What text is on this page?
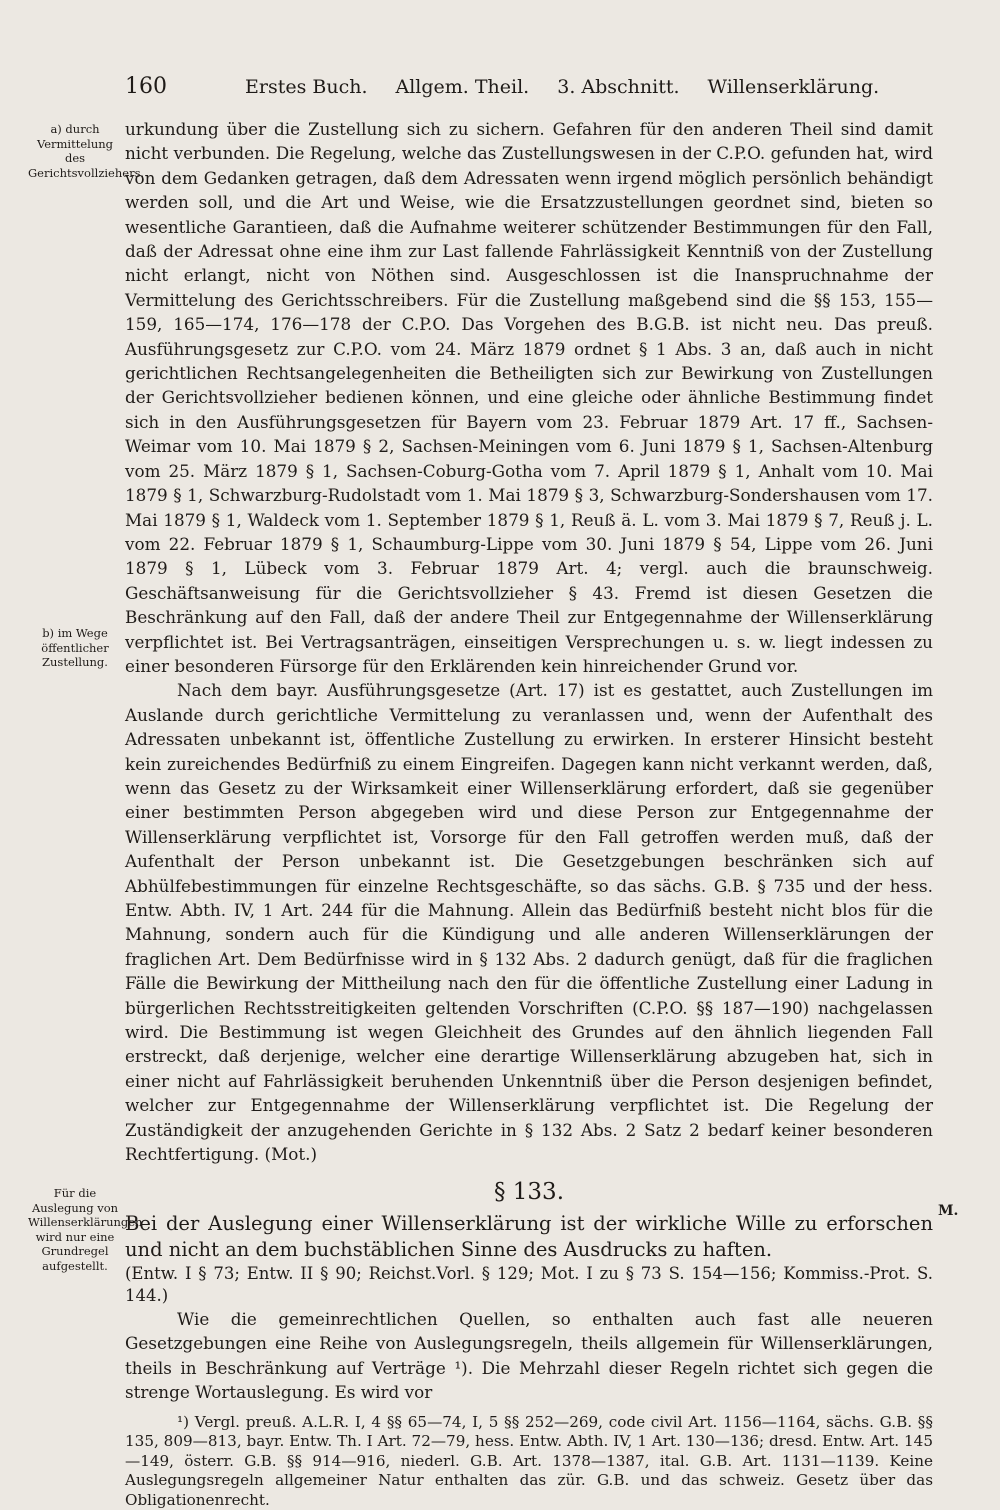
160	Erstes Buch. Allgem. Theil. 3. Abschnitt. Willenserklärung.
a) durch Vermittelung des Gerichtsvollziehers.
b) im Wege öffentlicher Zustellung.
Für die Auslegung von Willenserklärungen wird nur eine Grundregel aufgestellt.
M.

urkundung über die Zustellung sich zu sichern. Gefahren für den anderen Theil sind damit nicht verbunden. Die Regelung, welche das Zustellungswesen in der C.P.O. gefunden hat, wird von dem Gedanken getragen, daß dem Adressaten wenn irgend möglich persönlich behändigt werden soll, und die Art und Weise, wie die Ersatzzustellungen geordnet sind, bieten so wesentliche Garantieen, daß die Aufnahme weiterer schützender Bestimmungen für den Fall, daß der Adressat ohne eine ihm zur Last fallende Fahrlässigkeit Kenntniß von der Zustellung nicht erlangt, nicht von Nöthen sind. Ausgeschlossen ist die Inanspruchnahme der Vermittelung des Gerichtsschreibers. Für die Zustellung maßgebend sind die §§ 153, 155—159, 165—174, 176—178 der C.P.O. Das Vorgehen des B.G.B. ist nicht neu. Das preuß. Ausführungsgesetz zur C.P.O. vom 24. März 1879 ordnet § 1 Abs. 3 an, daß auch in nicht gerichtlichen Rechtsangelegenheiten die Betheiligten sich zur Bewirkung von Zustellungen der Gerichtsvollzieher bedienen können, und eine gleiche oder ähnliche Bestimmung findet sich in den Ausführungsgesetzen für Bayern vom 23. Februar 1879 Art. 17 ff., Sachsen-Weimar vom 10. Mai 1879 § 2, Sachsen-Meiningen vom 6. Juni 1879 § 1, Sachsen-Altenburg vom 25. März 1879 § 1, Sachsen-Coburg-Gotha vom 7. April 1879 § 1, Anhalt vom 10. Mai 1879 § 1, Schwarzburg-Rudolstadt vom 1. Mai 1879 § 3, Schwarzburg-Sondershausen vom 17. Mai 1879 § 1, Waldeck vom 1. September 1879 § 1, Reuß ä. L. vom 3. Mai 1879 § 7, Reuß j. L. vom 22. Februar 1879 § 1, Schaumburg-Lippe vom 30. Juni 1879 § 54, Lippe vom 26. Juni 1879 § 1, Lübeck vom 3. Februar 1879 Art. 4; vergl. auch die braunschweig. Geschäftsanweisung für die Gerichtsvollzieher § 43. Fremd ist diesen Gesetzen die Beschränkung auf den Fall, daß der andere Theil zur Entgegennahme der Willenserklärung verpflichtet ist. Bei Vertragsanträgen, einseitigen Versprechungen u. s. w. liegt indessen zu einer besonderen Fürsorge für den Erklärenden kein hinreichender Grund vor.

Nach dem bayr. Ausführungsgesetze (Art. 17) ist es gestattet, auch Zustellungen im Auslande durch gerichtliche Vermittelung zu veranlassen und, wenn der Aufenthalt des Adressaten unbekannt ist, öffentliche Zustellung zu erwirken. In ersterer Hinsicht besteht kein zureichendes Bedürfniß zu einem Eingreifen. Dagegen kann nicht verkannt werden, daß, wenn das Gesetz zu der Wirksamkeit einer Willenserklärung erfordert, daß sie gegenüber einer bestimmten Person abgegeben wird und diese Person zur Entgegennahme der Willenserklärung verpflichtet ist, Vorsorge für den Fall getroffen werden muß, daß der Aufenthalt der Person unbekannt ist. Die Gesetzgebungen beschränken sich auf Abhülfebestimmungen für einzelne Rechtsgeschäfte, so das sächs. G.B. § 735 und der hess. Entw. Abth. IV, 1 Art. 244 für die Mahnung. Allein das Bedürfniß besteht nicht blos für die Mahnung, sondern auch für die Kündigung und alle anderen Willenserklärungen der fraglichen Art. Dem Bedürfnisse wird in § 132 Abs. 2 dadurch genügt, daß für die fraglichen Fälle die Bewirkung der Mittheilung nach den für die öffentliche Zustellung einer Ladung in bürgerlichen Rechtsstreitigkeiten geltenden Vorschriften (C.P.O. §§ 187—190) nachgelassen wird. Die Bestimmung ist wegen Gleichheit des Grundes auf den ähnlich liegenden Fall erstreckt, daß derjenige, welcher eine derartige Willenserklärung abzugeben hat, sich in einer nicht auf Fahrlässigkeit beruhenden Unkenntniß über die Person desjenigen befindet, welcher zur Entgegennahme der Willenserklärung verpflichtet ist. Die Regelung der Zuständigkeit der anzugehenden Gerichte in § 132 Abs. 2 Satz 2 bedarf keiner besonderen Rechtfertigung. (Mot.)

§ 133.

Bei der Auslegung einer Willenserklärung ist der wirkliche Wille zu erforschen und nicht an dem buchstäblichen Sinne des Ausdrucks zu haften.

(Entw. I § 73; Entw. II § 90; Reichst.Vorl. § 129; Mot. I zu § 73 S. 154—156; Kommiss.-Prot. S. 144.)

Wie die gemeinrechtlichen Quellen, so enthalten auch fast alle neueren Gesetzgebungen eine Reihe von Auslegungsregeln, theils allgemein für Willenserklärungen, theils in Beschränkung auf Verträge ¹). Die Mehrzahl dieser Regeln richtet sich gegen die strenge Wortauslegung. Es wird vor

¹) Vergl. preuß. A.L.R. I, 4 §§ 65—74, I, 5 §§ 252—269, code civil Art. 1156—1164, sächs. G.B. §§ 135, 809—813, bayr. Entw. Th. I Art. 72—79, hess. Entw. Abth. IV, 1 Art. 130—136; dresd. Entw. Art. 145—149, österr. G.B. §§ 914—916, niederl. G.B. Art. 1378—1387, ital. G.B. Art. 1131—1139. Keine Auslegungsregeln allgemeiner Natur enthalten das zür. G.B. und das schweiz. Gesetz über das Obligationenrecht.
